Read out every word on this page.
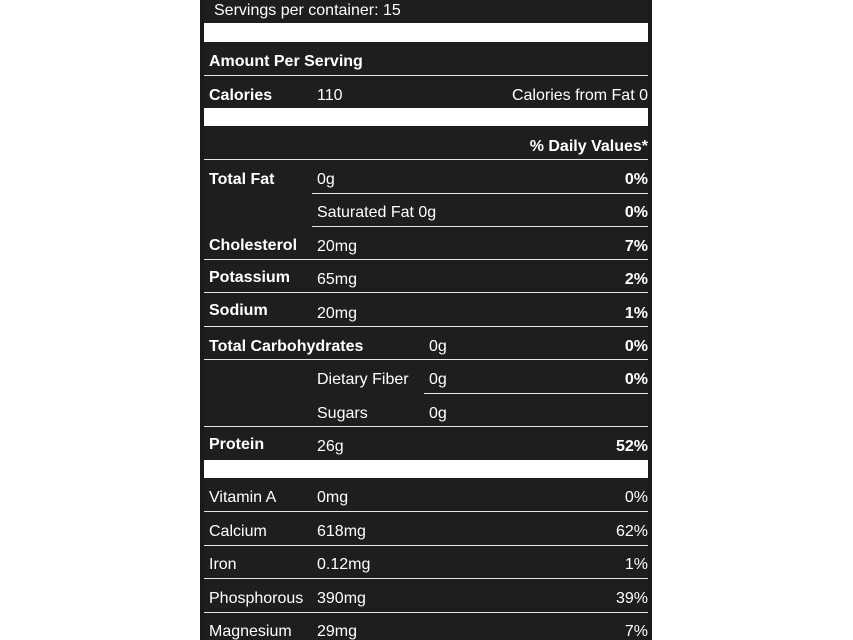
Servings per container: 15
Amount Per Serving
Calories	110	Calories from Fat 0
% Daily Values*
Total Fat	0g	0%
Saturated Fat 0g	0%
Cholesterol 20mg	7%
Potassium 65mg	2%
Sodium	20mg	1%
Total Carbohydrates	0g	0%
Dietary Fiber 0g	0%
Sugars	0g
Protein	26g	52%
Vitamin A	0mg	0%
Calcium	618mg	62%
Iron	0.12mg	1%
Phosphorous 390mg	39%
Magnesium 29mg	7%
